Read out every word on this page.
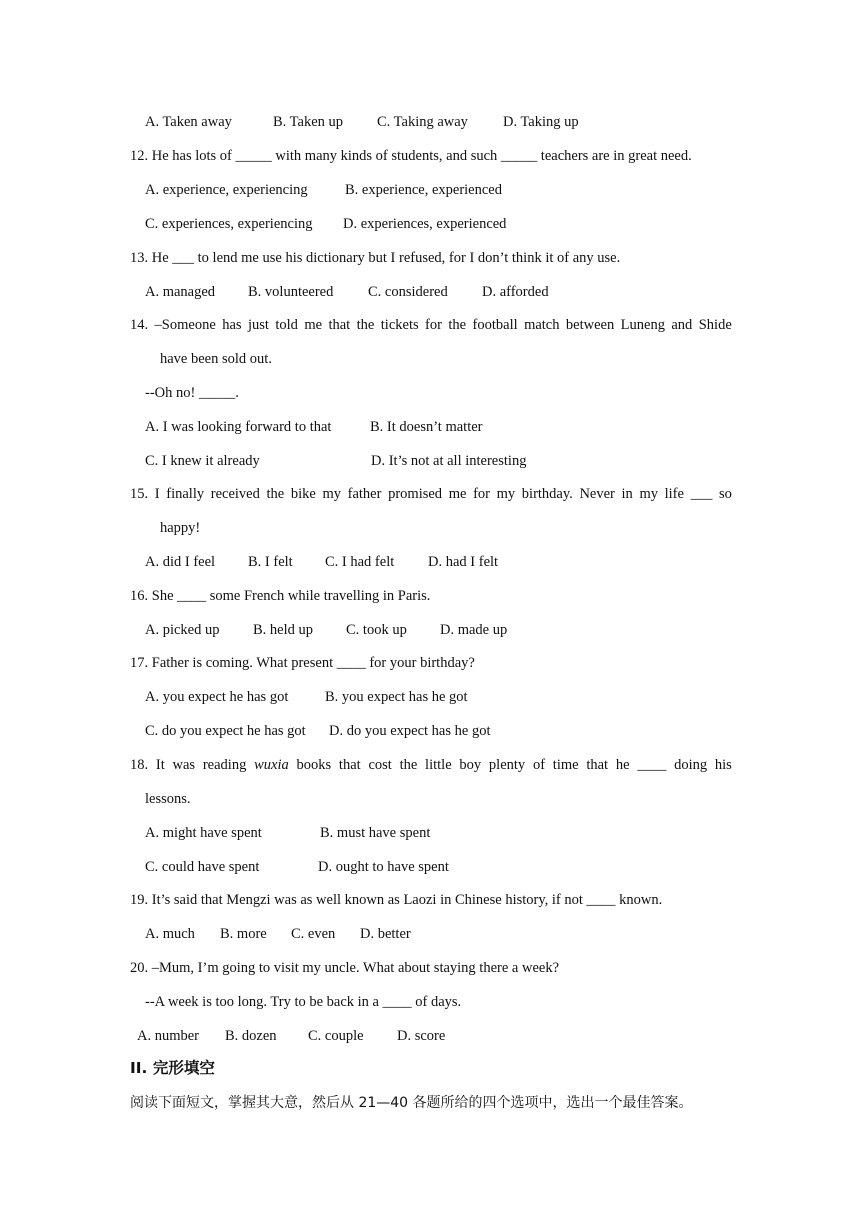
A. Taken away	B. Taken up C. Taking away D. Taking up
12. He has lots of _____ with many kinds of students, and such _____ teachers are in great need.
A. experience, experiencing	B. experience, experienced
C. experiences, experiencing D. experiences, experienced
13. He ___ to lend me use his dictionary but I refused, for I don’t think it of any use.
A. managed B. volunteered C. considered D. afforded
14. –Someone has just told me that the tickets for the football match between Luneng and Shide
have been sold out.
--Oh no! _____.
A. I was looking forward to that	B. It doesn’t matter
C. I knew it already	D. It’s not at all interesting
15. I finally received the bike my father promised me for my birthday. Never in my life ___ so
happy!
A. did I feel B. I felt C. I had felt D. had I felt
16. She ____ some French while travelling in Paris.
A. picked up B. held up C. took up D. made up
17. Father is coming. What present ____ for your birthday?
A. you expect he has got	B. you expect has he got
C. do you expect he has got D. do you expect has he got
18. It was reading wuxia books that cost the little boy plenty of time that he ____ doing his
lessons.
A. might have spent	B. must have spent
C. could have spent	D. ought to have spent
19. It’s said that Mengzi was as well known as Laozi in Chinese history, if not ____ known.
A. much B. more C. even D. better
20. –Mum, I’m going to visit my uncle. What about staying there a week?
--A week is too long. Try to be back in a ____ of days.
A. number B. dozen C. couple D. score
II. 完形填空
阅读下面短文，掌握其大意，然后从 21—40 各题所给的四个选项中，选出一个最佳答案。
